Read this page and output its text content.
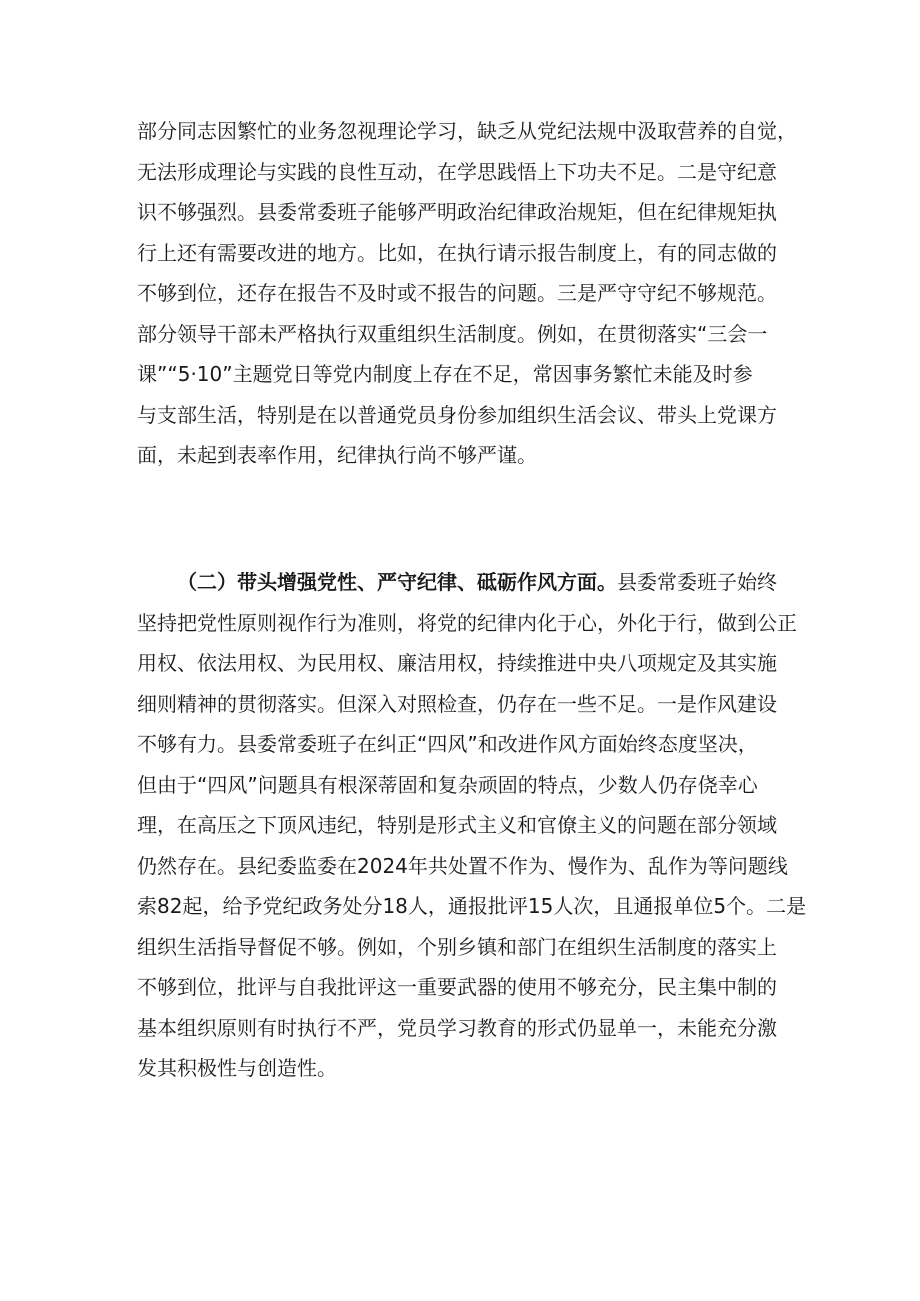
部分同志因繁忙的业务忽视理论学习，缺乏从党纪法规中汲取营养的自觉，
无法形成理论与实践的良性互动，在学思践悟上下功夫不足。二是守纪意
识不够强烈。县委常委班子能够严明政治纪律政治规矩，但在纪律规矩执
行上还有需要改进的地方。比如，在执行请示报告制度上，有的同志做的
不够到位，还存在报告不及时或不报告的问题。三是严守守纪不够规范。
部分领导干部未严格执行双重组织生活制度。例如，在贯彻落实“三会一
课”“5·10”主题党日等党内制度上存在不足，常因事务繁忙未能及时参
与支部生活，特别是在以普通党员身份参加组织生活会议、带头上党课方
面，未起到表率作用，纪律执行尚不够严谨。
（二）带头增强党性、严守纪律、砥砺作风方面。县委常委班子始终
坚持把党性原则视作行为准则，将党的纪律内化于心，外化于行，做到公正
用权、依法用权、为民用权、廉洁用权，持续推进中央八项规定及其实施
细则精神的贯彻落实。但深入对照检查，仍存在一些不足。一是作风建设
不够有力。县委常委班子在纠正“四风”和改进作风方面始终态度坚决，
但由于“四风”问题具有根深蒂固和复杂顽固的特点，少数人仍存侥幸心
理，在高压之下顶风违纪，特别是形式主义和官僚主义的问题在部分领域
仍然存在。县纪委监委在2024年共处置不作为、慢作为、乱作为等问题线
索82起，给予党纪政务处分18人，通报批评15人次，且通报单位5个。二是
组织生活指导督促不够。例如，个别乡镇和部门在组织生活制度的落实上
不够到位，批评与自我批评这一重要武器的使用不够充分，民主集中制的
基本组织原则有时执行不严，党员学习教育的形式仍显单一，未能充分激
发其积极性与创造性。
